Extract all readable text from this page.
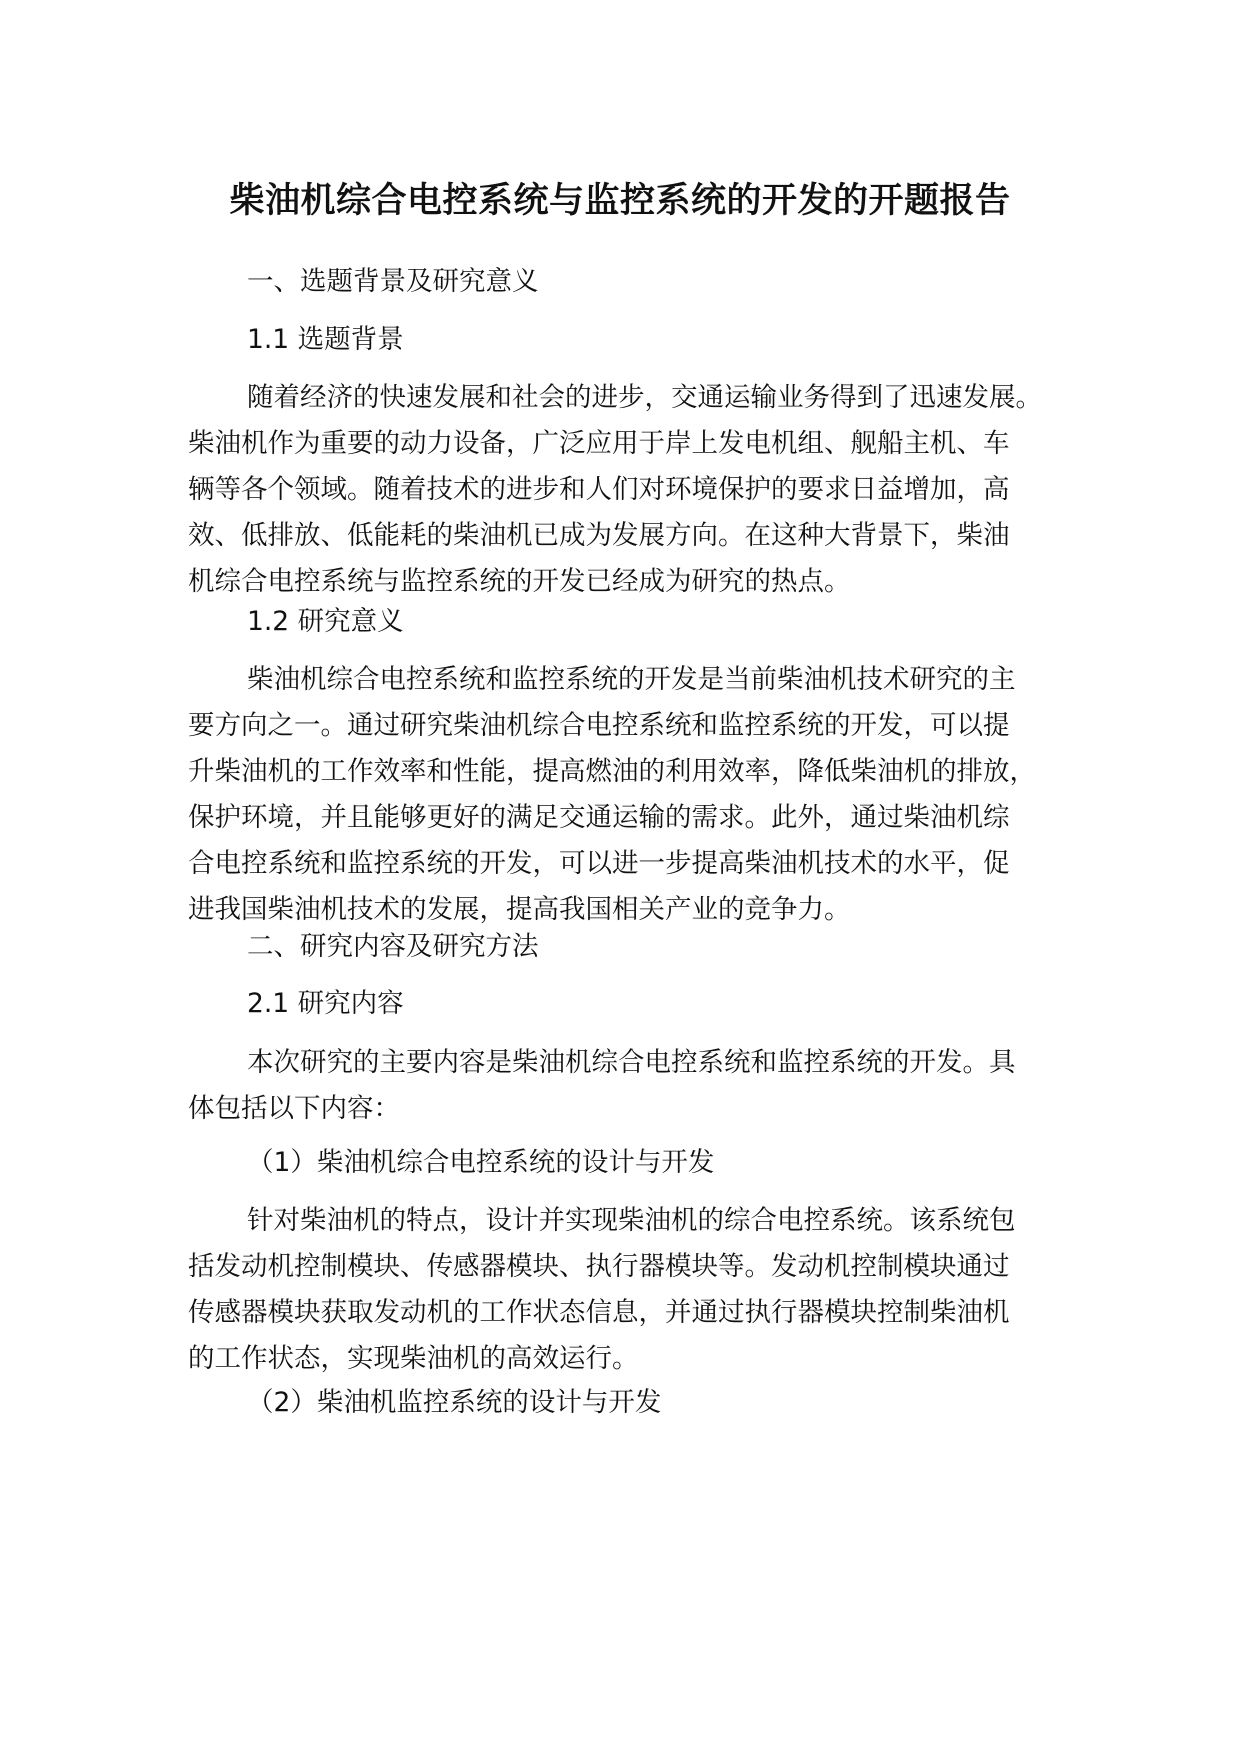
柴油机综合电控系统与监控系统的开发的开题报告

一、选题背景及研究意义

1.1 选题背景

随着经济的快速发展和社会的进步，交通运输业务得到了迅速发展。
柴油机作为重要的动力设备，广泛应用于岸上发电机组、舰船主机、车
辆等各个领域。随着技术的进步和人们对环境保护的要求日益增加，高
效、低排放、低能耗的柴油机已成为发展方向。在这种大背景下，柴油
机综合电控系统与监控系统的开发已经成为研究的热点。

1.2 研究意义

柴油机综合电控系统和监控系统的开发是当前柴油机技术研究的主
要方向之一。通过研究柴油机综合电控系统和监控系统的开发，可以提
升柴油机的工作效率和性能，提高燃油的利用效率，降低柴油机的排放，
保护环境，并且能够更好的满足交通运输的需求。此外，通过柴油机综
合电控系统和监控系统的开发，可以进一步提高柴油机技术的水平，促
进我国柴油机技术的发展，提高我国相关产业的竞争力。

二、研究内容及研究方法

2.1 研究内容

本次研究的主要内容是柴油机综合电控系统和监控系统的开发。具
体包括以下内容：

（1）柴油机综合电控系统的设计与开发

针对柴油机的特点，设计并实现柴油机的综合电控系统。该系统包
括发动机控制模块、传感器模块、执行器模块等。发动机控制模块通过
传感器模块获取发动机的工作状态信息，并通过执行器模块控制柴油机
的工作状态，实现柴油机的高效运行。

（2）柴油机监控系统的设计与开发
